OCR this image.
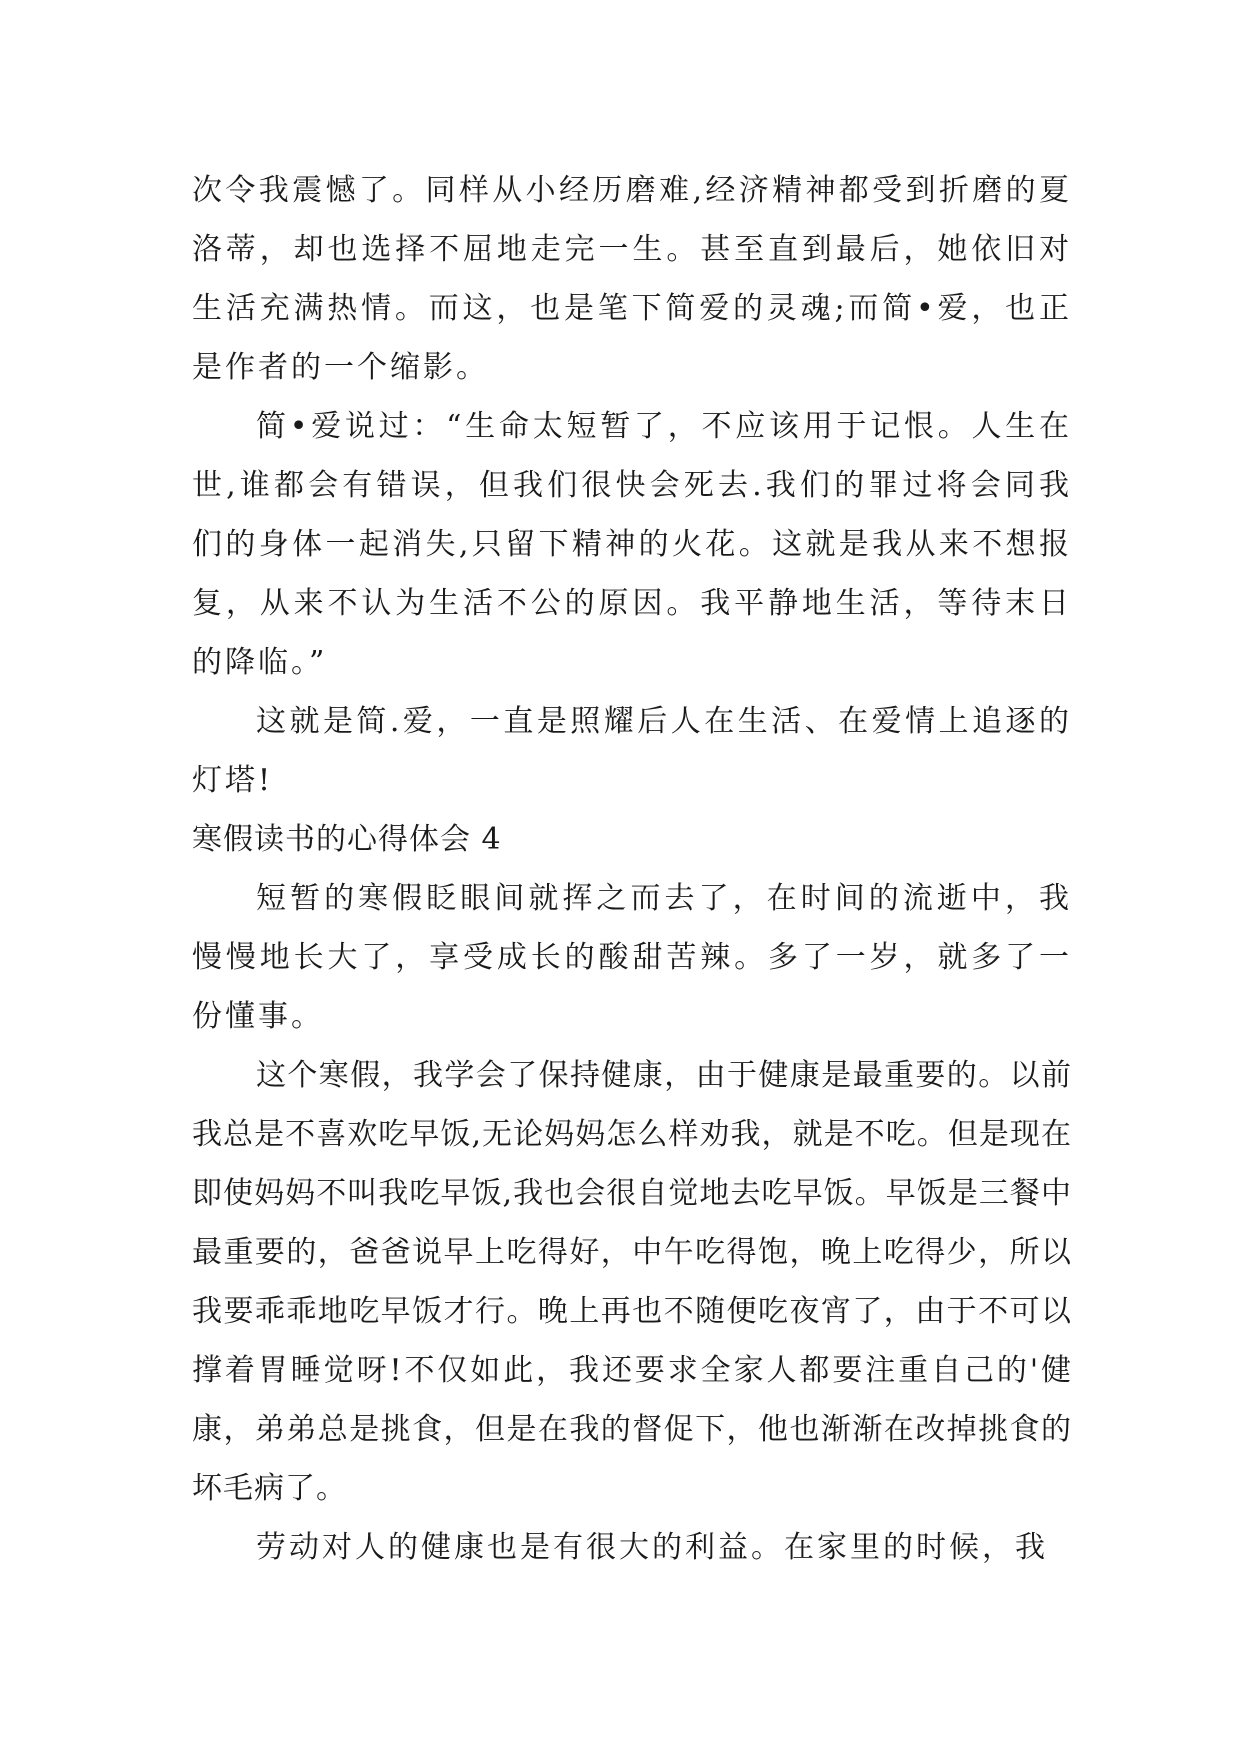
次令我震憾了。同样从小经历磨难,经济精神都受到折磨的夏洛蒂，却也选择不屈地走完一生。甚至直到最后，她依旧对生活充满热情。而这，也是笔下简爱的灵魂;而简•爱，也正是作者的一个缩影。

简•爱说过：“生命太短暂了，不应该用于记恨。人生在世,谁都会有错误，但我们很快会死去.我们的罪过将会同我们的身体一起消失,只留下精神的火花。这就是我从来不想报复，从来不认为生活不公的原因。我平静地生活，等待末日的降临。”

这就是简.爱，一直是照耀后人在生活、在爱情上追逐的灯塔!

寒假读书的心得体会 4

短暂的寒假眨眼间就挥之而去了，在时间的流逝中，我慢慢地长大了，享受成长的酸甜苦辣。多了一岁，就多了一份懂事。

这个寒假，我学会了保持健康，由于健康是最重要的。以前我总是不喜欢吃早饭,无论妈妈怎么样劝我，就是不吃。但是现在即使妈妈不叫我吃早饭,我也会很自觉地去吃早饭。早饭是三餐中最重要的，爸爸说早上吃得好，中午吃得饱，晚上吃得少，所以我要乖乖地吃早饭才行。晚上再也不随便吃夜宵了，由于不可以撑着胃睡觉呀!不仅如此，我还要求全家人都要注重自己的'健康，弟弟总是挑食，但是在我的督促下，他也渐渐在改掉挑食的坏毛病了。

劳动对人的健康也是有很大的利益。在家里的时候，我
